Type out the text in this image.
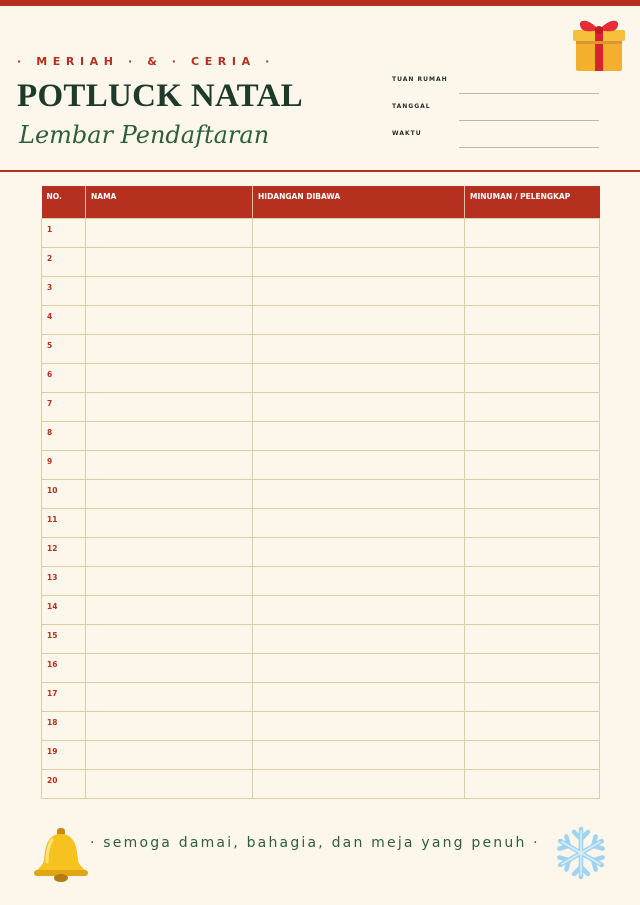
· MERIAH · & · CERIA ·
POTLUCK NATAL
Lembar Pendaftaran
TUAN RUMAH
TANGGAL
WAKTU
NO.	NAMA	HIDANGAN DIBAWA	MINUMAN / PELENGKAP
1			
2			
3			
4			
5			
6			
7			
8			
9			
10			
11			
12			
13			
14			
15			
16			
17			
18			
19			
20			
· semoga damai, bahagia, dan meja yang penuh ·
